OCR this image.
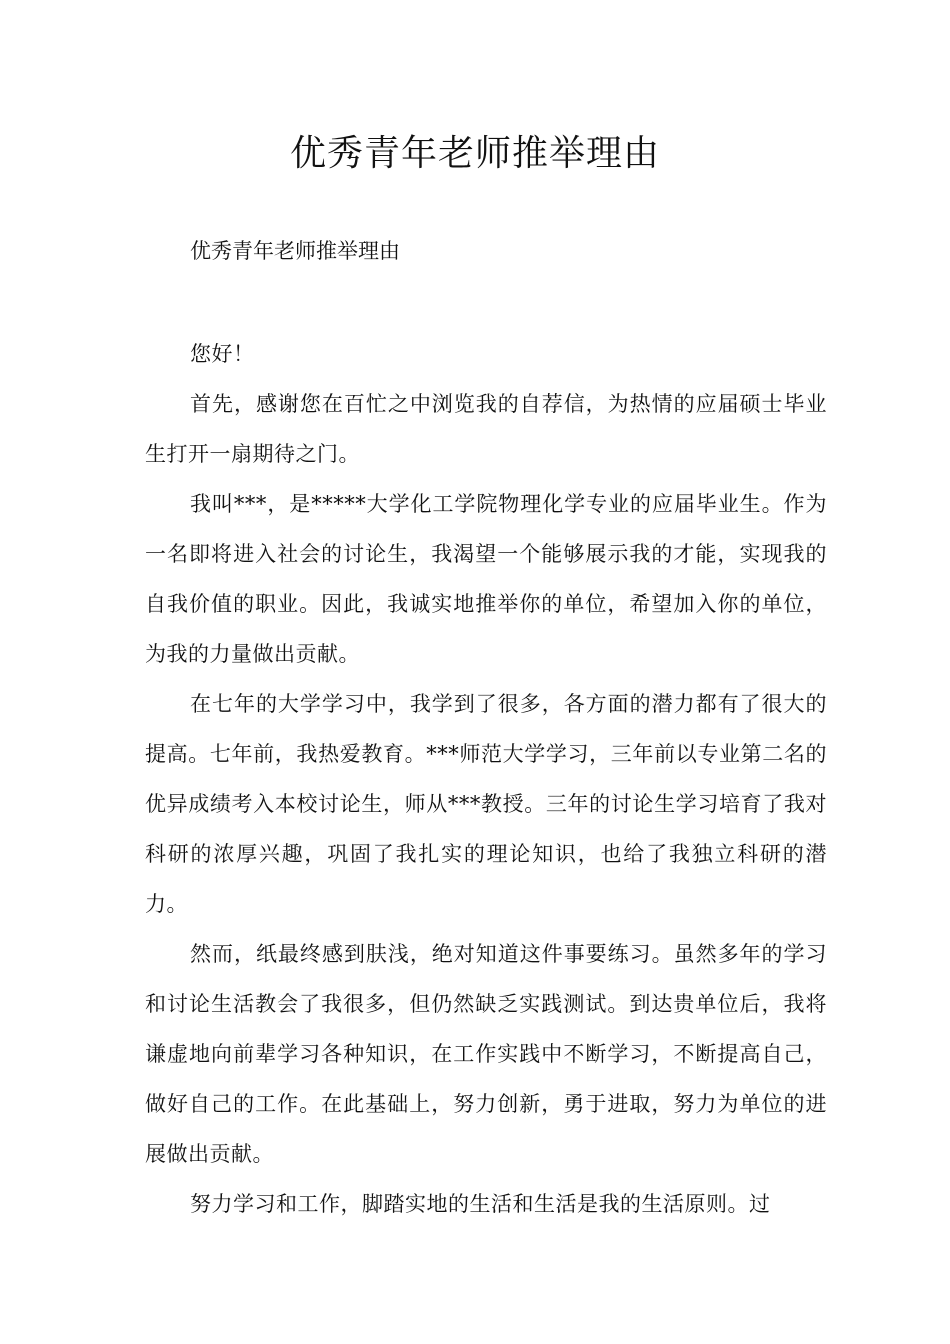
优秀青年老师推举理由

优秀青年老师推举理由

您好！

首先，感谢您在百忙之中浏览我的自荐信，为热情的应届硕士毕业生打开一扇期待之门。

我叫***，是*****大学化工学院物理化学专业的应届毕业生。作为一名即将进入社会的讨论生，我渴望一个能够展示我的才能，实现我的自我价值的职业。因此，我诚实地推举你的单位，希望加入你的单位，为我的力量做出贡献。

在七年的大学学习中，我学到了很多，各方面的潜力都有了很大的提高。七年前，我热爱教育。***师范大学学习，三年前以专业第二名的优异成绩考入本校讨论生，师从***教授。三年的讨论生学习培育了我对科研的浓厚兴趣，巩固了我扎实的理论知识，也给了我独立科研的潜力。

然而，纸最终感到肤浅，绝对知道这件事要练习。虽然多年的学习和讨论生活教会了我很多，但仍然缺乏实践测试。到达贵单位后，我将谦虚地向前辈学习各种知识，在工作实践中不断学习，不断提高自己，做好自己的工作。在此基础上，努力创新，勇于进取，努力为单位的进展做出贡献。

努力学习和工作，脚踏实地的生活和生活是我的生活原则。过
